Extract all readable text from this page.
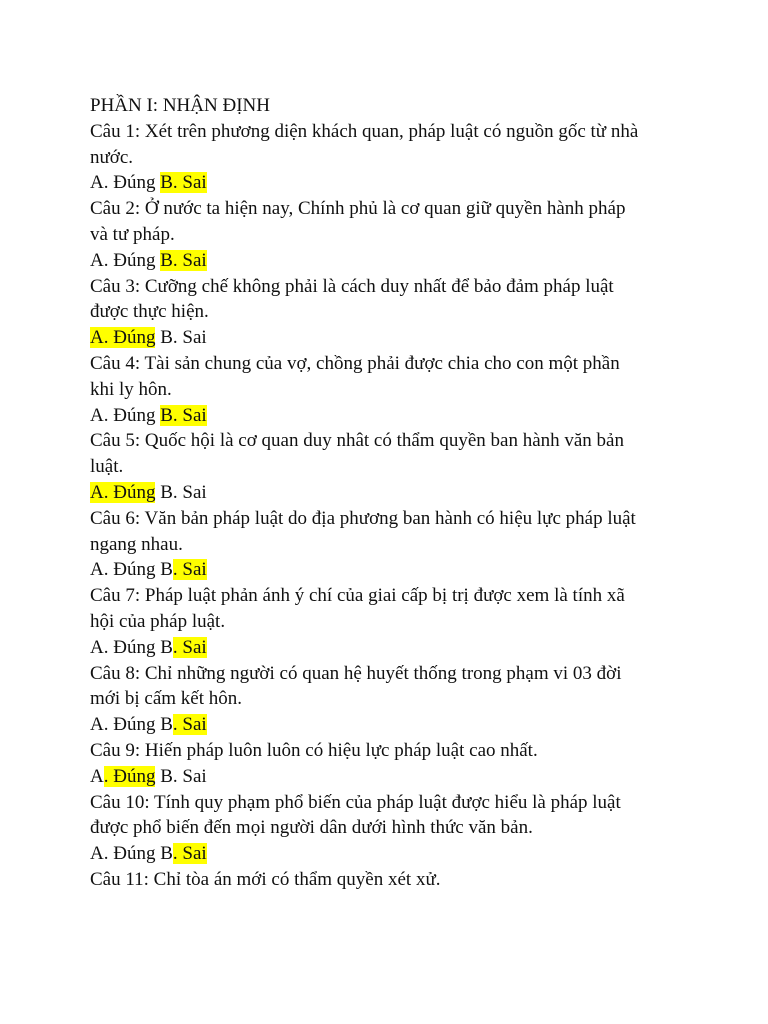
PHẦN I: NHẬN ĐỊNH
Câu 1: Xét trên phương diện khách quan, pháp luật có nguồn gốc từ nhà
nước.
A. Đúng B. Sai
Câu 2: Ở nước ta hiện nay, Chính phủ là cơ quan giữ quyền hành pháp
và tư pháp.
A. Đúng B. Sai
Câu 3: Cưỡng chế không phải là cách duy nhất để bảo đảm pháp luật
được thực hiện.
A. Đúng B. Sai
Câu 4: Tài sản chung của vợ, chồng phải được chia cho con một phần
khi ly hôn.
A. Đúng B. Sai
Câu 5: Quốc hội là cơ quan duy nhât có thẩm quyền ban hành văn bản
luật.
A. Đúng B. Sai
Câu 6: Văn bản pháp luật do địa phương ban hành có hiệu lực pháp luật
ngang nhau.
A. Đúng B. Sai
Câu 7: Pháp luật phản ánh ý chí của giai cấp bị trị được xem là tính xã
hội của pháp luật.
A. Đúng B. Sai
Câu 8: Chỉ những người có quan hệ huyết thống trong phạm vi 03 đời
mới bị cấm kết hôn.
A. Đúng B. Sai
Câu 9: Hiến pháp luôn luôn có hiệu lực pháp luật cao nhất.
A. Đúng B. Sai
Câu 10: Tính quy phạm phổ biến của pháp luật được hiểu là pháp luật
được phổ biến đến mọi người dân dưới hình thức văn bản.
A. Đúng B. Sai
Câu 11: Chỉ tòa án mới có thẩm quyền xét xử.
